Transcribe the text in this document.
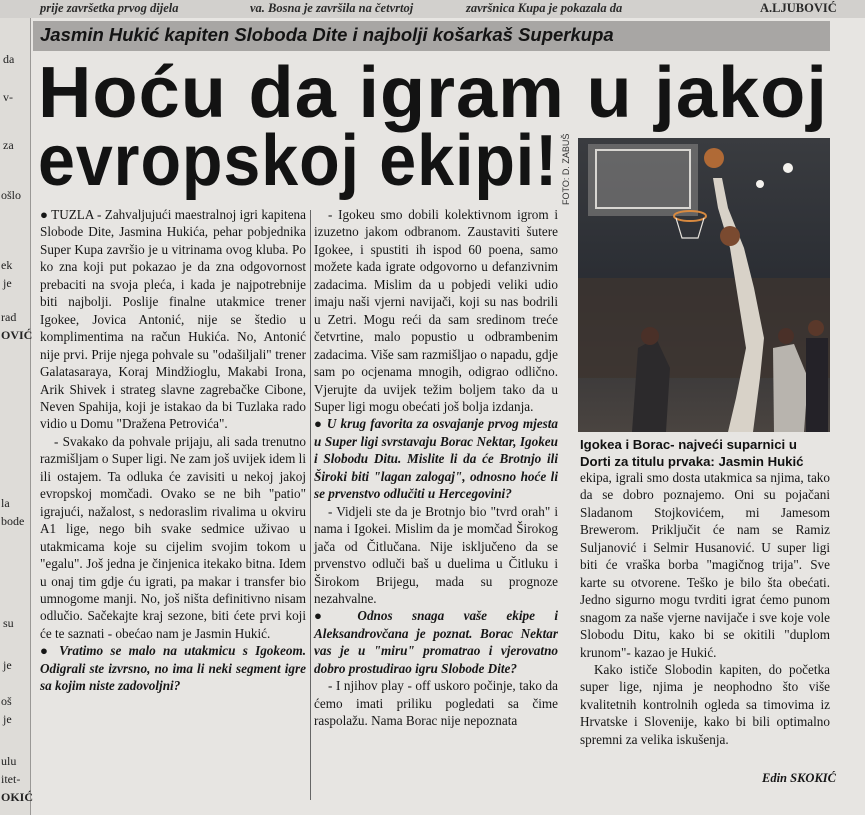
prije završetka prvog dijela	va. Bosna je završila na četvrtoj	završnica Kupa je pokazala da	A.LJUBOVIĆ
da
v-
za
ošlo
ek
je
rad
OVIĆ
la
bode
su
je
oš
je
ulu
itet-
OKIĆ
Jasmin Hukić kapiten Sloboda Dite i najbolji košarkaš Superkupa
Hoću da igram u jakoj
evropskoj ekipi!

● TUZLA - Zahvaljujući maestralnoj igri kapitena Slobode Dite, Jasmina Hukića, pehar pobjednika Super Kupa završio je u vitrinama ovog kluba. Po ko zna koji put pokazao je da zna odgovornost prebaciti na svoja pleća, i kada je najpotrebnije biti najbolji. Poslije finalne utakmice trener Igokee, Jovica Antonić, nije se štedio u komplimentima na račun Hukića. No, Antonić nije prvi. Prije njega pohvale su "odašiljali" trener Galatasaraya, Koraj Mindžioglu, Makabi Irona, Arik Shivek i strateg slavne zagrebačke Cibone, Neven Spahija, koji je istakao da bi Tuzlaka rado vidio u Domu "Dražena Petrovića".

- Svakako da pohvale prijaju, ali sada trenutno razmišljam o Super ligi. Ne zam još uvijek idem li ili ostajem. Ta odluka će zavisiti u nekoj jakoj evropskoj momčadi. Ovako se ne bih "patio" igrajući, nažalost, s nedoraslim rivalima u okviru A1 lige, nego bih svake sedmice uživao u utakmicama koje su cijelim svojim tokom u "egalu". Još jedna je činjenica itekako bitna. Idem u onaj tim gdje ću igrati, pa makar i transfer bio umnogome manji. No, još ništa definitivno nisam odlučio. Sačekajte kraj sezone, biti ćete prvi koji će te saznati - obećao nam je Jasmin Hukić.

● Vratimo se malo na utakmicu s Igokeom. Odigrali ste izvrsno, no ima li neki segment igre sa kojim niste zadovoljni?

- Igokeu smo dobili kolektivnom igrom i izuzetno jakom odbranom. Zaustaviti šutere Igokee, i spustiti ih ispod 60 poena, samo možete kada igrate odgovorno u defanzivnim zadacima. Mislim da u pobjedi veliki udio imaju naši vjerni navijači, koji su nas bodrili u Zetri. Mogu reći da sam sredinom treće četvrtine, malo popustio u odbrambenim zadacima. Više sam razmišljao o napadu, gdje sam po ocjenama mnogih, odigrao odlično. Vjerujte da uvijek težim boljem tako da u Super ligi mogu obećati još bolja izdanja.

● U krug favorita za osvajanje prvog mjesta u Super ligi svrstavaju Borac Nektar, Igokeu i Slobodu Ditu. Mislite li da će Brotnjo ili Široki biti "lagan zalogaj", odnosno hoće li se prvenstvo odlučiti u Hercegovini?

- Vidjeli ste da je Brotnjo bio "tvrd orah" i nama i Igokei. Mislim da je momčad Širokog jača od Čitlučana. Nije isključeno da se prvenstvo odluči baš u duelima u Čitluku i Širokom Brijegu, mada su prognoze nezahvalne.

● Odnos snaga vaše ekipe i Aleksandrovčana je poznat. Borac Nektar vas je u "miru" promatrao i vjerovatno dobro prostudirao igru Slobode Dite?

- I njihov play - off uskoro počinje, tako da ćemo imati priliku pogledati sa čime raspolažu. Nama Borac nije nepoznata

FOTO: D. ZABUŠ
Igokea i Borac- najveći suparnici u Dorti za titulu prvaka: Jasmin Hukić

ekipa, igrali smo dosta utakmica sa njima, tako da se dobro poznajemo. Oni su pojačani Sladanom Stojkovićem, mi Jamesom Brewerom. Priključit će nam se Ramiz Suljanović i Selmir Husanović. U super ligi biti će vraška borba "magičnog trija". Sve karte su otvorene. Teško je bilo šta obećati. Jedno sigurno mogu tvrditi igrat ćemo punom snagom za naše vjerne navijače i sve koje vole Slobodu Ditu, kako bi se okitili "duplom krunom"- kazao je Hukić.

Kako ističe Slobodin kapiten, do početka super lige, njima je neophodno što više kvalitetnih kontrolnih ogleda sa timovima iz Hrvatske i Slovenije, kako bi bili optimalno spremni za velika iskušenja.

Edin SKOKIĆ
